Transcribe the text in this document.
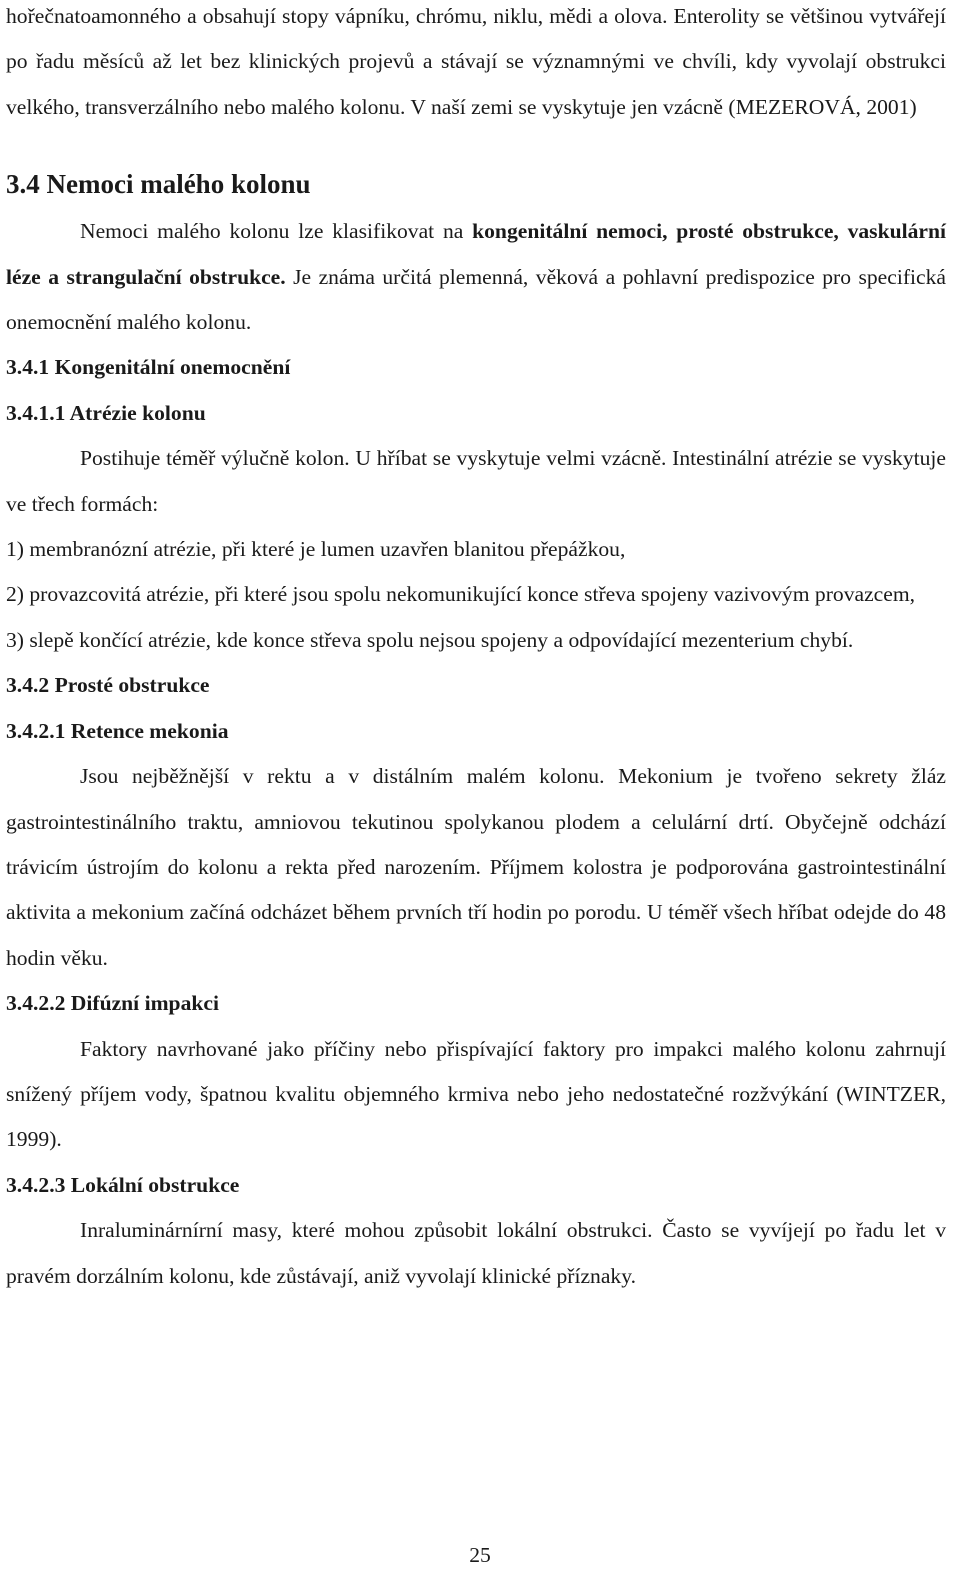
hořečnatoamonného a obsahují stopy vápníku, chrómu, niklu, mědi a olova. Enterolity se většinou vytvářejí po řadu měsíců až let bez klinických projevů a stávají se významnými ve chvíli, kdy vyvolají obstrukci velkého, transverzálního nebo malého kolonu. V naší zemi se vyskytuje jen vzácně (MEZEROVÁ, 2001)

3.4 Nemoci malého kolonu

Nemoci malého kolonu lze klasifikovat na kongenitální nemoci, prosté obstrukce, vaskulární léze a strangulační obstrukce. Je známa určitá plemenná, věková a pohlavní predispozice pro specifická onemocnění malého kolonu.

3.4.1 Kongenitální onemocnění
3.4.1.1 Atrézie kolonu

Postihuje téměř výlučně kolon. U hříbat se vyskytuje velmi vzácně. Intestinální atrézie se vyskytuje ve třech formách:

1) membranózní atrézie, při které je lumen uzavřen blanitou přepážkou,

2) provazcovitá atrézie, při které jsou spolu nekomunikující konce střeva spojeny vazivovým provazcem,

3) slepě končící atrézie, kde konce střeva spolu nejsou spojeny a odpovídající mezenterium chybí.

3.4.2 Prosté obstrukce
3.4.2.1 Retence mekonia

Jsou nejběžnější v rektu a v distálním malém kolonu. Mekonium je tvořeno sekrety žláz gastrointestinálního traktu, amniovou tekutinou spolykanou plodem a celulární drtí. Obyčejně odchází trávicím ústrojím do kolonu a rekta před narozením. Příjmem kolostra je podporována gastrointestinální aktivita a mekonium začíná odcházet během prvních tří hodin po porodu. U téměř všech hříbat odejde do 48 hodin věku.

3.4.2.2 Difúzní impakci

Faktory navrhované jako příčiny nebo přispívající faktory pro impakci malého kolonu zahrnují snížený příjem vody, špatnou kvalitu objemného krmiva nebo jeho nedostatečné rozžvýkání (WINTZER, 1999).

3.4.2.3 Lokální obstrukce

Inraluminárnírní masy, které mohou způsobit lokální obstrukci. Často se vyvíjejí po řadu let v pravém dorzálním kolonu, kde zůstávají, aniž vyvolají klinické příznaky.

25
